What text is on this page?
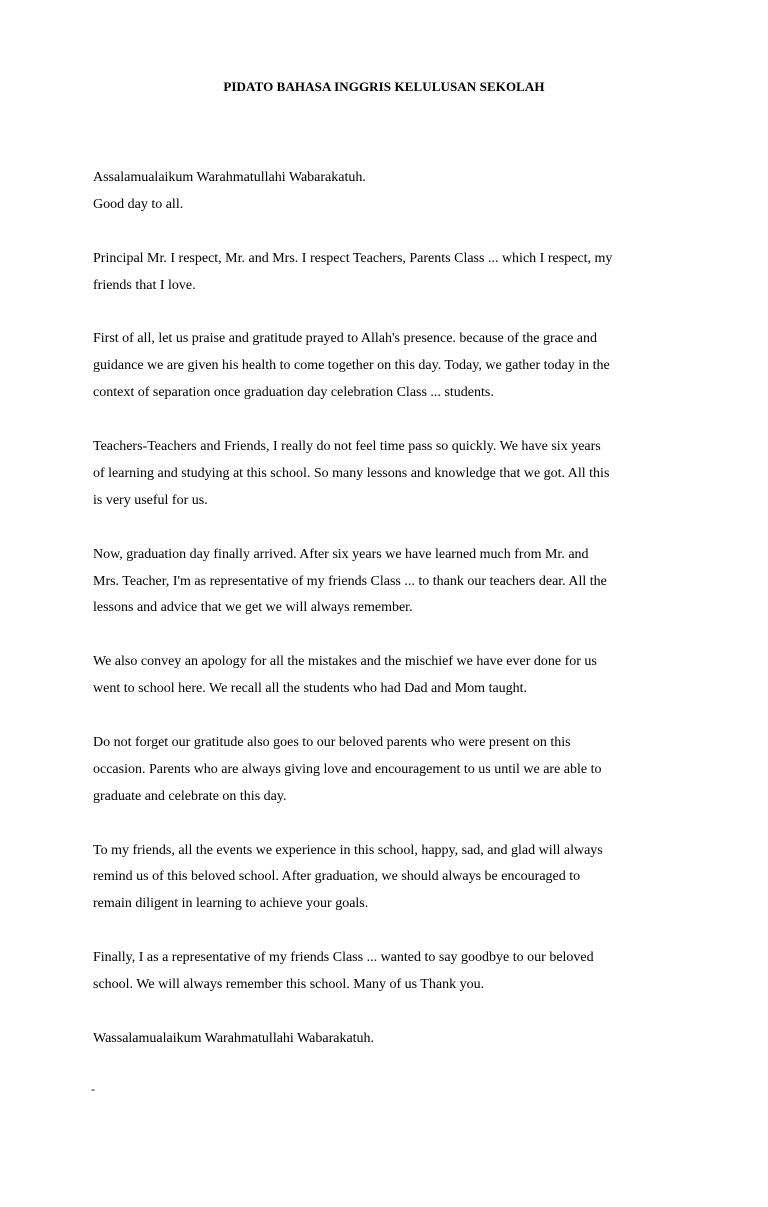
PIDATO BAHASA INGGRIS KELULUSAN SEKOLAH
Assalamualaikum Warahmatullahi Wabarakatuh.
Good day to all.
Principal Mr. I respect, Mr. and Mrs. I respect Teachers, Parents Class ... which I respect, my
friends that I love.
First of all, let us praise and gratitude prayed to Allah's presence. because of the grace and
guidance we are given his health to come together on this day. Today, we gather today in the
context of separation once graduation day celebration Class ... students.
Teachers-Teachers and Friends, I really do not feel time pass so quickly. We have six years
of learning and studying at this school. So many lessons and knowledge that we got. All this
is very useful for us.
Now, graduation day finally arrived. After six years we have learned much from Mr. and
Mrs. Teacher, I'm as representative of my friends Class ... to thank our teachers dear. All the
lessons and advice that we get we will always remember.
We also convey an apology for all the mistakes and the mischief we have ever done for us
went to school here. We recall all the students who had Dad and Mom taught.
Do not forget our gratitude also goes to our beloved parents who were present on this
occasion. Parents who are always giving love and encouragement to us until we are able to
graduate and celebrate on this day.
To my friends, all the events we experience in this school, happy, sad, and glad will always
remind us of this beloved school. After graduation, we should always be encouraged to
remain diligent in learning to achieve your goals.
Finally, I as a representative of my friends Class ... wanted to say goodbye to our beloved
school. We will always remember this school. Many of us Thank you.
Wassalamualaikum Warahmatullahi Wabarakatuh.
-
